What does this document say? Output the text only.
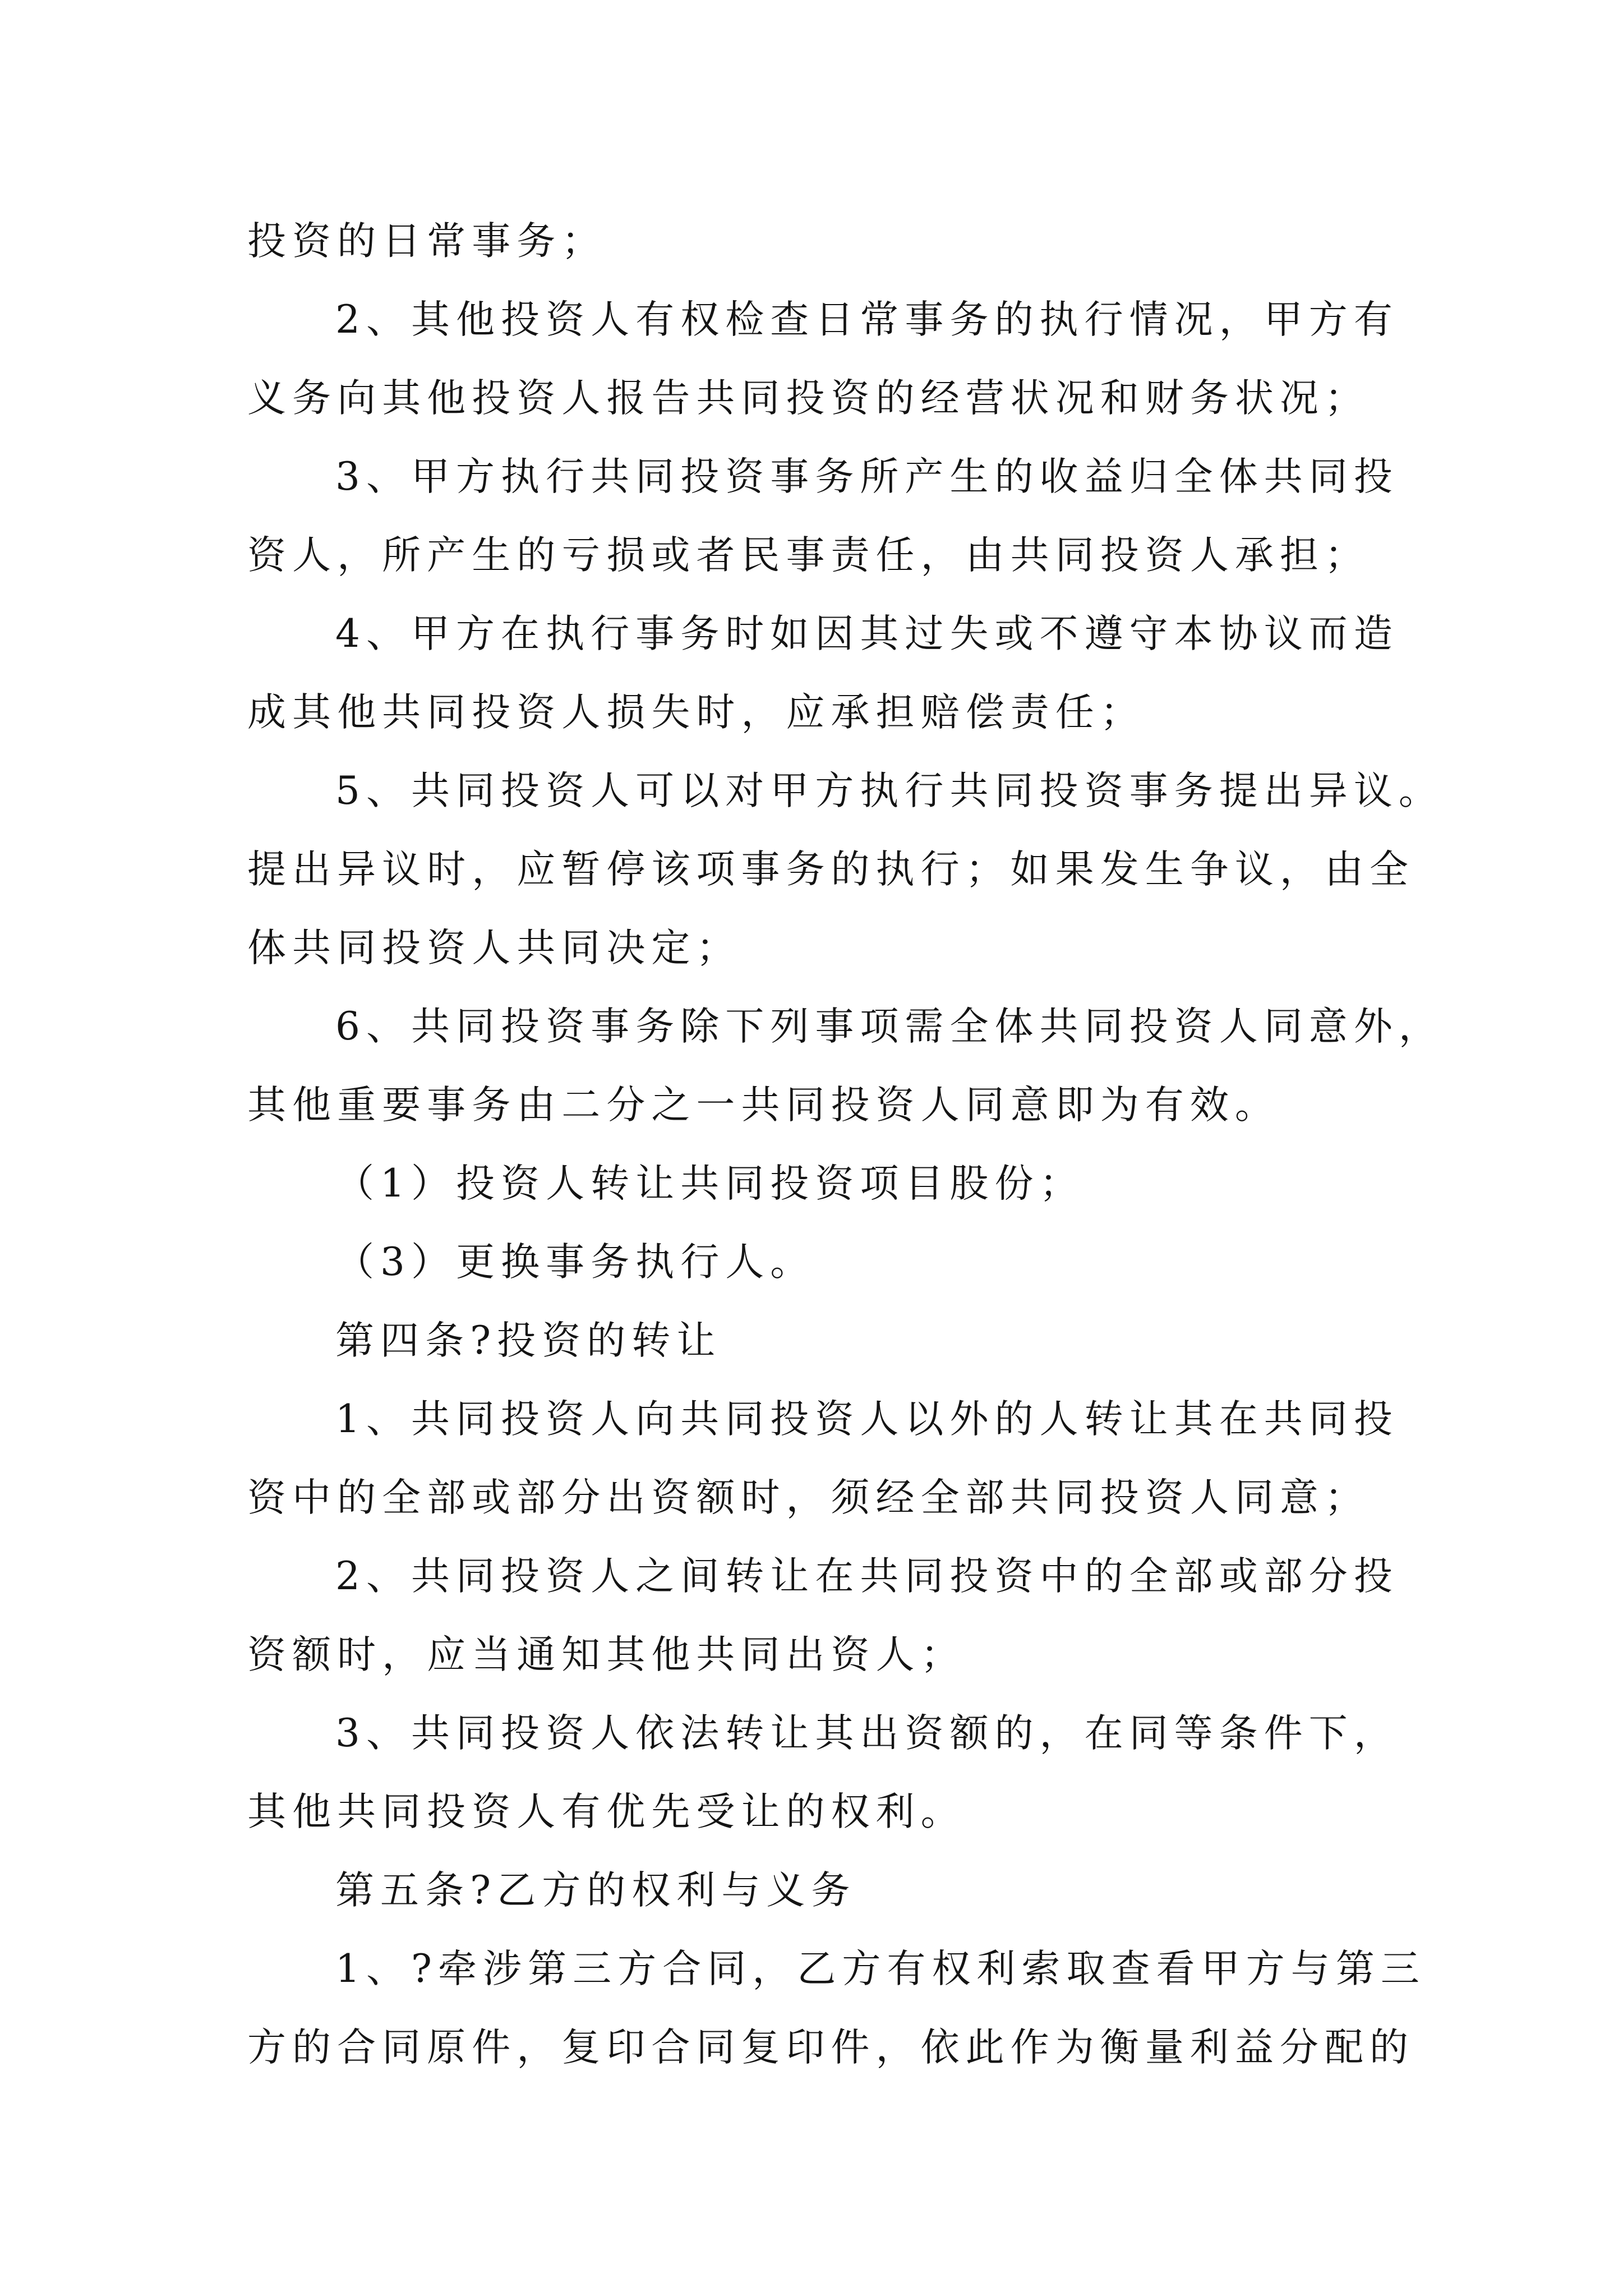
投资的日常事务；
2、其他投资人有权检查日常事务的执行情况，甲方有
义务向其他投资人报告共同投资的经营状况和财务状况；
3、甲方执行共同投资事务所产生的收益归全体共同投
资人，所产生的亏损或者民事责任，由共同投资人承担；
4、甲方在执行事务时如因其过失或不遵守本协议而造
成其他共同投资人损失时，应承担赔偿责任；
5、共同投资人可以对甲方执行共同投资事务提出异议。
提出异议时，应暂停该项事务的执行；如果发生争议，由全
体共同投资人共同决定；
6、共同投资事务除下列事项需全体共同投资人同意外，
其他重要事务由二分之一共同投资人同意即为有效。
（1）投资人转让共同投资项目股份；
（3）更换事务执行人。
第四条?投资的转让
1、共同投资人向共同投资人以外的人转让其在共同投
资中的全部或部分出资额时，须经全部共同投资人同意；
2、共同投资人之间转让在共同投资中的全部或部分投
资额时，应当通知其他共同出资人；
3、共同投资人依法转让其出资额的，在同等条件下，
其他共同投资人有优先受让的权利。
第五条?乙方的权利与义务
1、?牵涉第三方合同，乙方有权利索取查看甲方与第三
方的合同原件，复印合同复印件，依此作为衡量利益分配的
